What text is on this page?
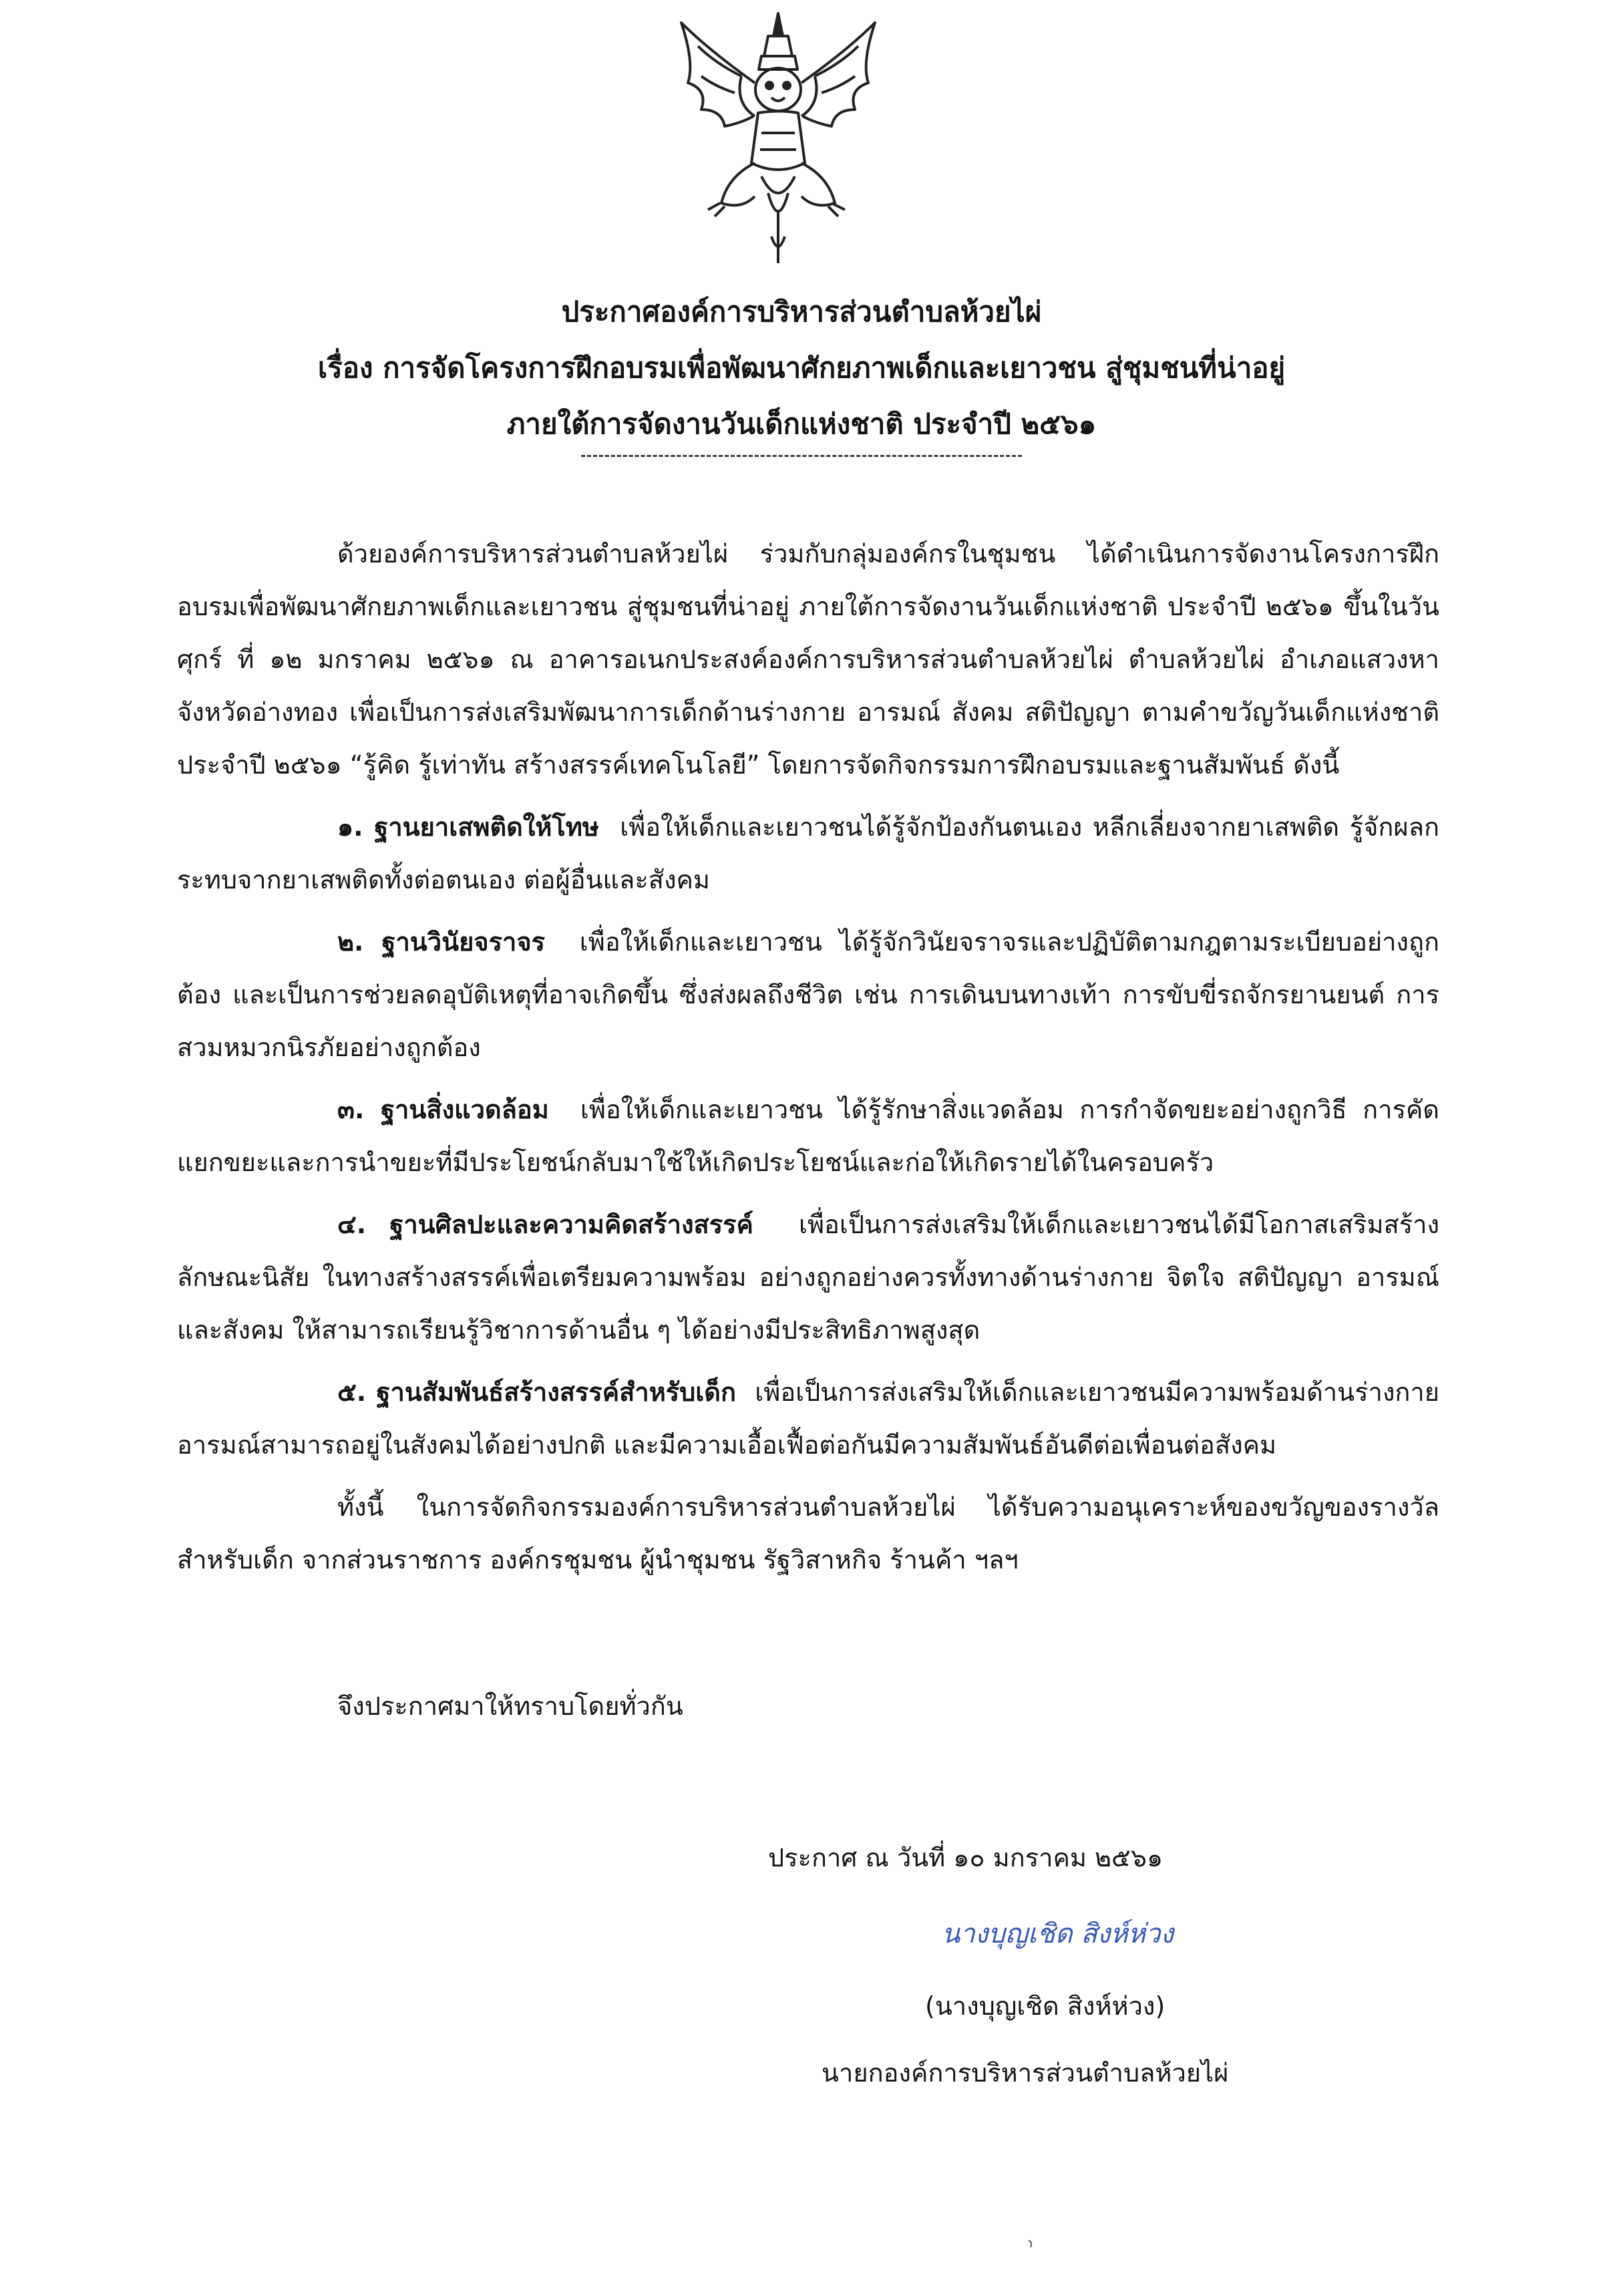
ประกาศองค์การบริหารส่วนตำบลห้วยไผ่
เรื่อง การจัดโครงการฝึกอบรมเพื่อพัฒนาศักยภาพเด็กและเยาวชน สู่ชุมชนที่น่าอยู่
ภายใต้การจัดงานวันเด็กแห่งชาติ ประจำปี ๒๕๖๑

ด้วยองค์การบริหารส่วนตำบลห้วยไผ่ ร่วมกับกลุ่มองค์กรในชุมชน ได้ดำเนินการจัดงานโครงการฝึกอบรมเพื่อพัฒนาศักยภาพเด็กและเยาวชน สู่ชุมชนที่น่าอยู่ ภายใต้การจัดงานวันเด็กแห่งชาติ ประจำปี ๒๕๖๑ ขึ้นในวันศุกร์ ที่ ๑๒ มกราคม ๒๕๖๑ ณ อาคารอเนกประสงค์องค์การบริหารส่วนตำบลห้วยไผ่ ตำบลห้วยไผ่ อำเภอแสวงหา จังหวัดอ่างทอง เพื่อเป็นการส่งเสริมพัฒนาการเด็กด้านร่างกาย อารมณ์ สังคม สติปัญญา ตามคำขวัญวันเด็กแห่งชาติ ประจำปี ๒๕๖๑ “รู้คิด รู้เท่าทัน สร้างสรรค์เทคโนโลยี” โดยการจัดกิจกรรมการฝึกอบรมและฐานสัมพันธ์ ดังนี้

๑. ฐานยาเสพติดให้โทษ เพื่อให้เด็กและเยาวชนได้รู้จักป้องกันตนเอง หลีกเลี่ยงจากยาเสพติด รู้จักผลกระทบจากยาเสพติดทั้งต่อตนเอง ต่อผู้อื่นและสังคม

๒. ฐานวินัยจราจร เพื่อให้เด็กและเยาวชน ได้รู้จักวินัยจราจรและปฏิบัติตามกฎตามระเบียบอย่างถูกต้อง และเป็นการช่วยลดอุบัติเหตุที่อาจเกิดขึ้น ซึ่งส่งผลถึงชีวิต เช่น การเดินบนทางเท้า การขับขี่รถจักรยานยนต์ การสวมหมวกนิรภัยอย่างถูกต้อง

๓. ฐานสิ่งแวดล้อม เพื่อให้เด็กและเยาวชน ได้รู้รักษาสิ่งแวดล้อม การกำจัดขยะอย่างถูกวิธี การคัดแยกขยะและการนำขยะที่มีประโยชน์กลับมาใช้ให้เกิดประโยชน์และก่อให้เกิดรายได้ในครอบครัว

๔. ฐานศิลปะและความคิดสร้างสรรค์ เพื่อเป็นการส่งเสริมให้เด็กและเยาวชนได้มีโอกาสเสริมสร้างลักษณะนิสัย ในทางสร้างสรรค์เพื่อเตรียมความพร้อม อย่างถูกอย่างควรทั้งทางด้านร่างกาย จิตใจ สติปัญญา อารมณ์และสังคม ให้สามารถเรียนรู้วิชาการด้านอื่น ๆ ได้อย่างมีประสิทธิภาพสูงสุด

๕. ฐานสัมพันธ์สร้างสรรค์สำหรับเด็ก เพื่อเป็นการส่งเสริมให้เด็กและเยาวชนมีความพร้อมด้านร่างกาย อารมณ์สามารถอยู่ในสังคมได้อย่างปกติ และมีความเอื้อเฟื้อต่อกันมีความสัมพันธ์อันดีต่อเพื่อนต่อสังคม

ทั้งนี้ ในการจัดกิจกรรมองค์การบริหารส่วนตำบลห้วยไผ่ ได้รับความอนุเคราะห์ของขวัญของรางวัลสำหรับเด็ก จากส่วนราชการ องค์กรชุมชน ผู้นำชุมชน รัฐวิสาหกิจ ร้านค้า ฯลฯ

จึงประกาศมาให้ทราบโดยทั่วกัน

ประกาศ ณ วันที่ ๑๐ มกราคม ๒๕๖๑
นางบุญเชิด สิงห์ห่วง
(นางบุญเชิด สิงห์ห่วง)
นายกองค์การบริหารส่วนตำบลห้วยไผ่
